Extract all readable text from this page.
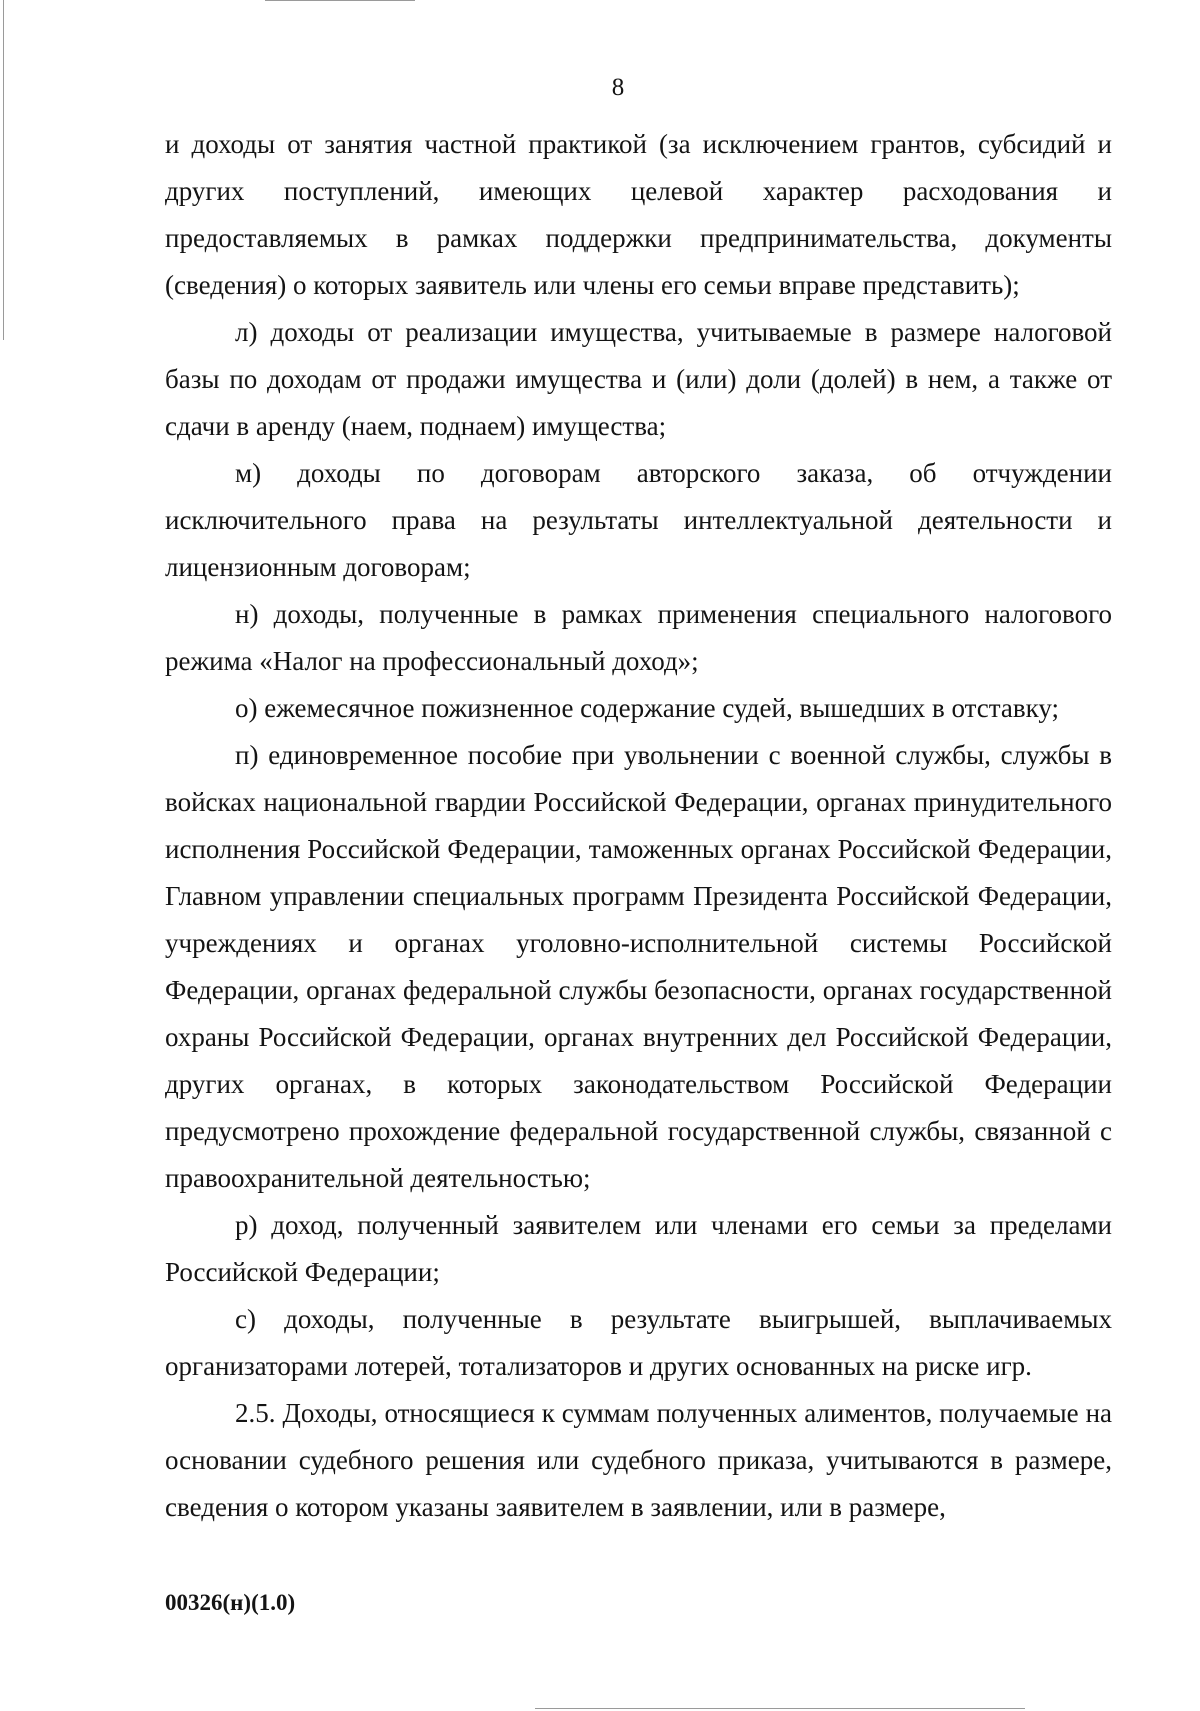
8

и доходы от занятия частной практикой (за исключением грантов, субсидий и других поступлений, имеющих целевой характер расходования и предоставляемых в рамках поддержки предпринимательства, документы (сведения) о которых заявитель или члены его семьи вправе представить);

л) доходы от реализации имущества, учитываемые в размере налоговой базы по доходам от продажи имущества и (или) доли (долей) в нем, а также от сдачи в аренду (наем, поднаем) имущества;

м) доходы по договорам авторского заказа, об отчуждении исключительного права на результаты интеллектуальной деятельности и лицензионным договорам;

н) доходы, полученные в рамках применения специального налогового режима «Налог на профессиональный доход»;

о) ежемесячное пожизненное содержание судей, вышедших в отставку;

п) единовременное пособие при увольнении с военной службы, службы в войсках национальной гвардии Российской Федерации, органах принудительного исполнения Российской Федерации, таможенных органах Российской Федерации, Главном управлении специальных программ Президента Российской Федерации, учреждениях и органах уголовно-исполнительной системы Российской Федерации, органах федеральной службы безопасности, органах государственной охраны Российской Федерации, органах внутренних дел Российской Федерации, других органах, в которых законодательством Российской Федерации предусмотрено прохождение федеральной государственной службы, связанной с правоохранительной деятельностью;

р) доход, полученный заявителем или членами его семьи за пределами Российской Федерации;

с) доходы, полученные в результате выигрышей, выплачиваемых организаторами лотерей, тотализаторов и других основанных на риске игр.

2.5. Доходы, относящиеся к суммам полученных алиментов, получаемые на основании судебного решения или судебного приказа, учитываются в размере, сведения о котором указаны заявителем в заявлении, или в размере,

00326(н)(1.0)
